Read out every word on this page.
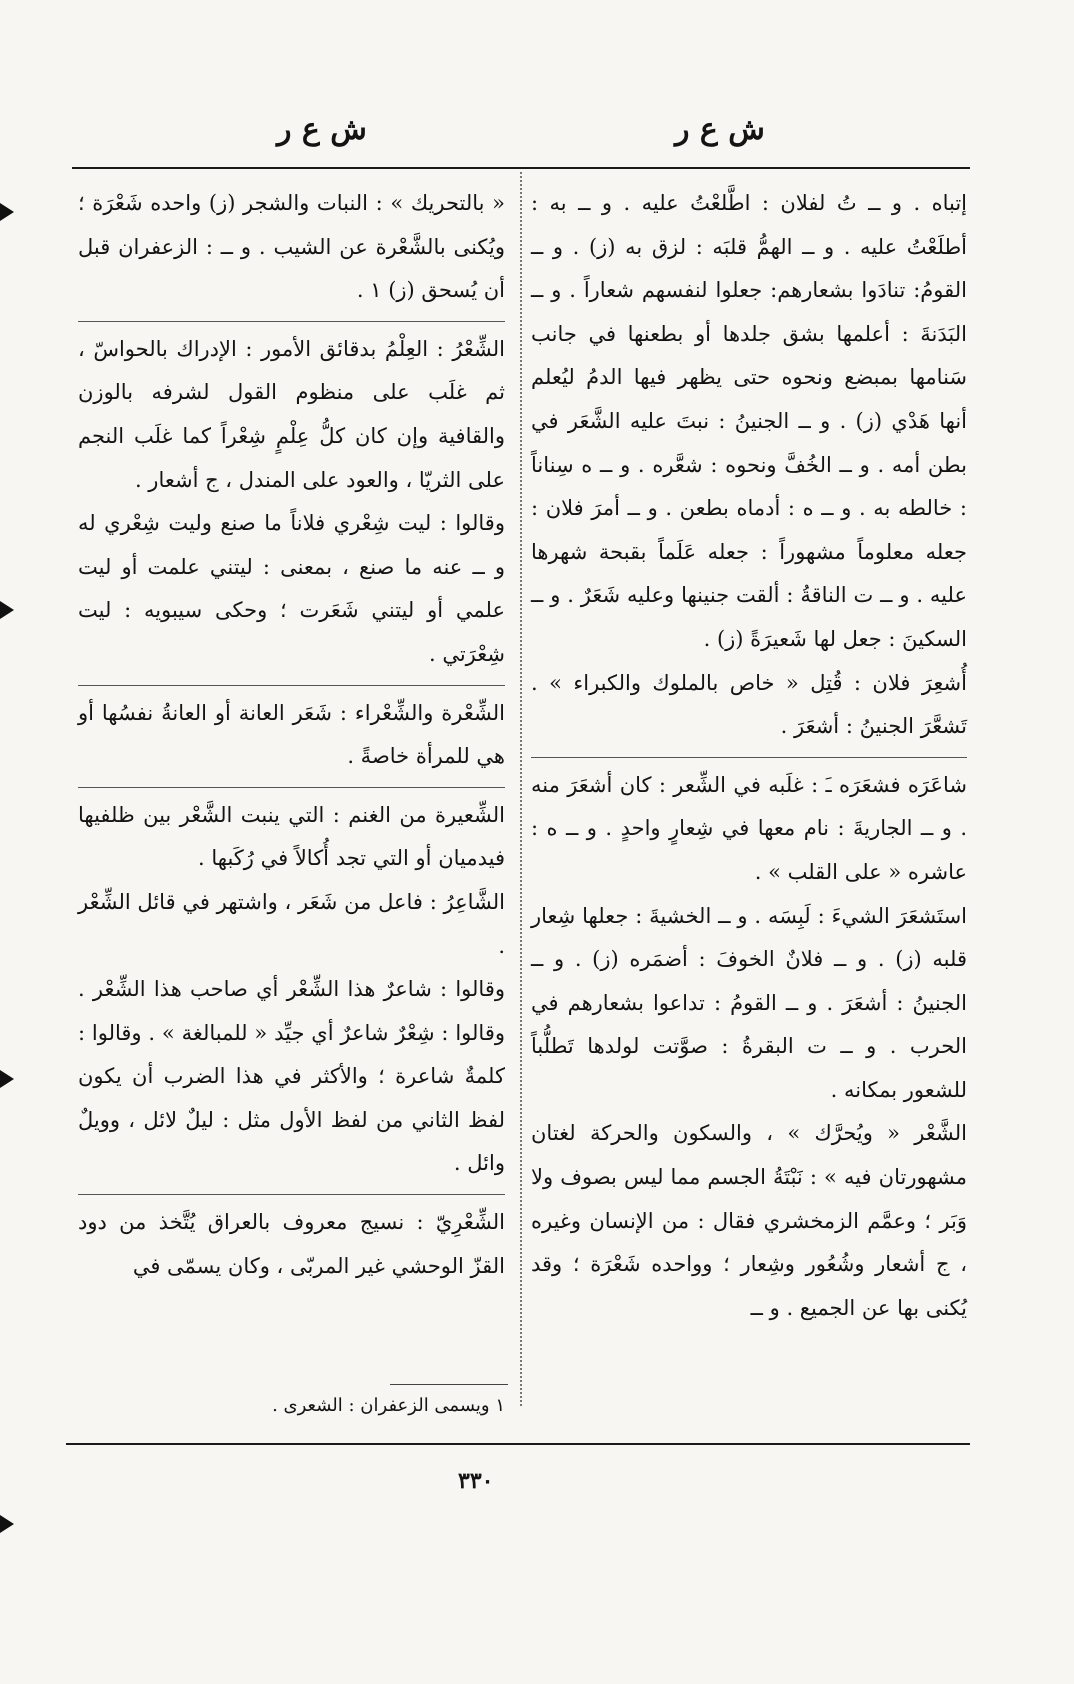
ش ع ر
ش ع ر

إتباه . و ــ تُ لفلان : اطَّلعْتُ عليه . و ــ به : أطلَعْتُ عليه . و ــ الهمُّ قلبَه : لزق به (ز) . و ــ القومُ: تنادَوا بشعارهم: جعلوا لنفسهم شعاراً . و ــ البَدَنةَ : أعلمها بشق جلدها أو بطعنها في جانب سَنامها بمبضع ونحوه حتى يظهر فيها الدمُ ليُعلم أنها هَدْي (ز) . و ــ الجنينُ : نبتَ عليه الشَّعَر في بطن أمه . و ــ الخُفَّ ونحوه : شعَّره . و ــ ه سِناناً : خالطه به . و ــ ه : أدماه بطعن . و ــ أمرَ فلان : جعله معلوماً مشهوراً : جعله عَلَماً بقبحة شهرها عليه . و ــ ت الناقةُ : ألقت جنينها وعليه شَعَرٌ . و ــ السكينَ : جعل لها شَعيرَةً (ز) .

أُشعِرَ فلان : قُتِل « خاص بالملوك والكبراء » . تَشعَّرَ الجنينُ : أشعَرَ .

شاعَرَه فشعَرَه ـَ : غلَبه في الشِّعر : كان أشعَرَ منه . و ــ الجاريةَ : نام معها في شِعارٍ واحدٍ . و ــ ه : عاشره « على القلب » .

استَشعَرَ الشيءَ : لَبِسَه . و ــ الخشيةَ : جعلها شِعار قلبه (ز) . و ــ فلانٌ الخوفَ : أضمَره (ز) . و ــ الجنينُ : أشعَرَ . و ــ القومُ : تداعوا بشعارهم في الحرب . و ــ ت البقرةُ : صوَّتت لولدها تَطلُّباً للشعور بمكانه .

الشَّعْر « ويُحرَّك » ، والسكون والحركة لغتان مشهورتان فيه » : نَبْتَةُ الجسم مما ليس بصوف ولا وَبَر ؛ وعمَّم الزمخشري فقال : من الإنسان وغيره ، ج أشعار وشُعُور وشِعار ؛ وواحده شَعْرَة ؛ وقد يُكنى بها عن الجميع . و ــ

« بالتحريك » : النبات والشجر (ز) واحده شَعْرَة ؛ ويُكنى بالشَّعْرة عن الشيب . و ــ : الزعفران قبل أن يُسحق (ز) ١ .

الشِّعْرُ : العِلْمُ بدقائق الأمور : الإدراك بالحواسّ ، ثم غلَب على منظوم القول لشرفه بالوزن والقافية وإن كان كلُّ عِلْمٍ شِعْراً كما غلَب النجم على الثريّا ، والعود على المندل ، ج أشعار .

وقالوا : ليت شِعْري فلاناً ما صنع وليت شِعْري له و ــ عنه ما صنع ، بمعنى : ليتني علمت أو ليت علمي أو ليتني شَعَرت ؛ وحكى سيبويه : ليت شِعْرَتي .

الشِّعْرة والشِّعْراء : شَعَر العانة أو العانةُ نفسُها أو هي للمرأة خاصةً .

الشِّعيرة من الغنم : التي ينبت الشَّعْر بين ظلفيها فيدميان أو التي تجد أُكالاً في رُكَبها .

الشَّاعِرُ : فاعل من شَعَر ، واشتهر في قائل الشِّعْر .

وقالوا : شاعرٌ هذا الشِّعْر أي صاحب هذا الشِّعْر . وقالوا : شِعْرٌ شاعرٌ أي جيِّد « للمبالغة » . وقالوا : كلمةٌ شاعرة ؛ والأكثر في هذا الضرب أن يكون لفظ الثاني من لفظ الأول مثل : ليلٌ لائل ، وويلٌ وائل .

الشِّعْرِيّ : نسيج معروف بالعراق يُتَّخذ من دود القزّ الوحشي غير المربّى ، وكان يسمّى في

١ ويسمى الزعفران : الشعرى .
٣٣٠
